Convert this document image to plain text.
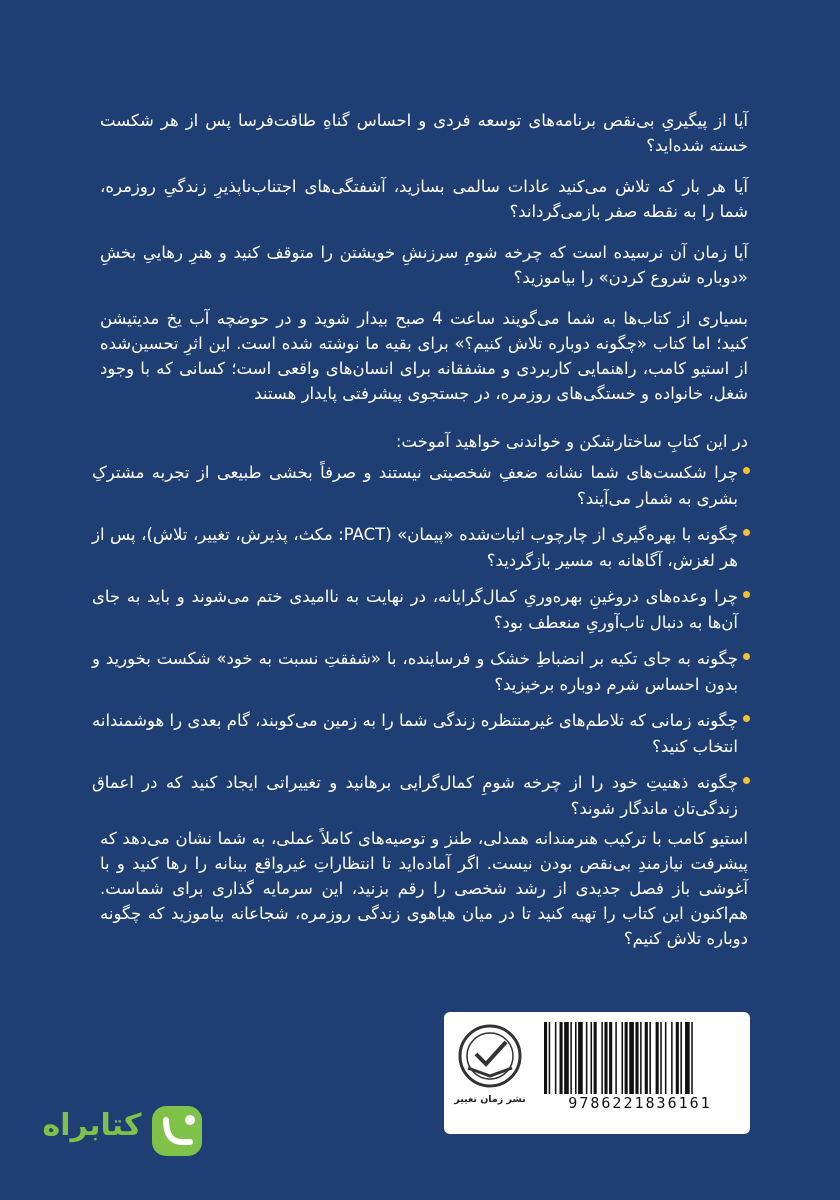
آیا از پیگیریِ بی‌نقص برنامه‌های توسعه فردی و احساس گناهِ طاقت‌فرسا پس از هر شکست خسته شده‌اید؟

آیا هر بار که تلاش می‌کنید عادات سالمی بسازید، آشفتگی‌های اجتناب‌ناپذیرِ زندگیِ روزمره، شما را به نقطه صفر بازمی‌گرداند؟

آیا زمان آن نرسیده است که چرخه شومِ سرزنشِ خویشتن را متوقف کنید و هنرِ رهاییِ بخشِ «دوباره شروع کردن» را بیاموزید؟

بسیاری از کتاب‌ها به شما می‌گویند ساعت 4 صبح بیدار شوید و در حوضچه آب یخ مدیتیشن کنید؛ اما کتاب «چگونه دوباره تلاش کنیم؟» برای بقیه ما نوشته شده است. این اثرِ تحسین‌شده از استیو کامب، راهنمایی کاربردی و مشفقانه برای انسان‌های واقعی است؛ کسانی که با وجود شغل، خانواده و خستگی‌های روزمره، در جستجوی پیشرفتی پایدار هستند

در این کتابِ ساختارشکن و خواندنی خواهید آموخت:
چرا شکست‌های شما نشانه ضعفِ شخصیتی نیستند و صرفاً بخشی طبیعی از تجربه مشترکِ بشری به شمار می‌آیند؟
چگونه با بهره‌گیری از چارچوب اثبات‌شده «پیمان» (PACT: مکث، پذیرش، تغییر، تلاش)، پس از هر لغزش، آگاهانه به مسیر بازگردید؟
چرا وعده‌های دروغینِ بهره‌وریِ کمال‌گرایانه، در نهایت به ناامیدی ختم می‌شوند و باید به جای آن‌ها به دنبال تاب‌آوریِ منعطف بود؟
چگونه به جای تکیه بر انضباطِ خشک و فرساینده، با «شفقتِ نسبت به خود» شکست بخورید و بدون احساس شرم دوباره برخیزید؟
چگونه زمانی که تلاطم‌های غیرمنتظره زندگی شما را به زمین می‌کوبند، گام بعدی را هوشمندانه انتخاب کنید؟
چگونه ذهنیتِ خود را از چرخه شومِ کمال‌گرایی برهانید و تغییراتی ایجاد کنید که در اعماق زندگی‌تان ماندگار شوند؟

استیو کامب با ترکیب هنرمندانه همدلی، طنز و توصیه‌های کاملاً عملی، به شما نشان می‌دهد که پیشرفت نیازمندِ بی‌نقص بودن نیست. اگر آماده‌اید تا انتظاراتِ غیرواقع بینانه را رها کنید و با آغوشی باز فصل جدیدی از رشد شخصی را رقم بزنید، این سرمایه گذاری برای شماست. هم‌اکنون این کتاب را تهیه کنید تا در میان هیاهوی زندگی روزمره، شجاعانه بیاموزید که چگونه دوباره تلاش کنیم؟

نشر زمان تغییر	9786221836161
کتابراه
